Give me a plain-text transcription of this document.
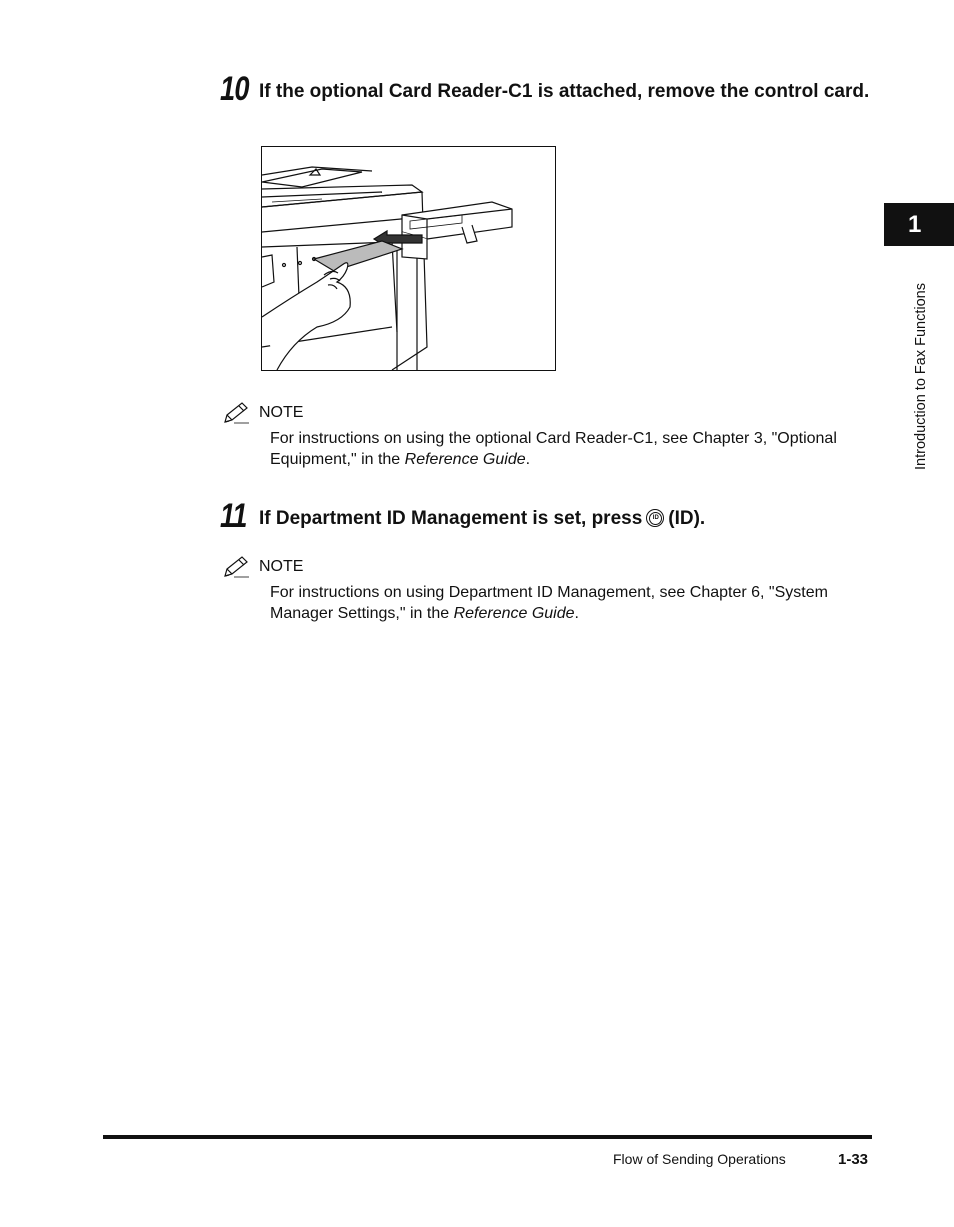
10 If the optional Card Reader-C1 is attached, remove the control card.
NOTE
For instructions on using the optional Card Reader-C1, see Chapter 3, "Optional Equipment," in the Reference Guide.
11 If Department ID Management is set, press	ID (ID).
NOTE
For instructions on using Department ID Management, see Chapter 6, "System Manager Settings," in the Reference Guide.
1
Introduction to Fax Functions
Flow of Sending Operations	1-33
